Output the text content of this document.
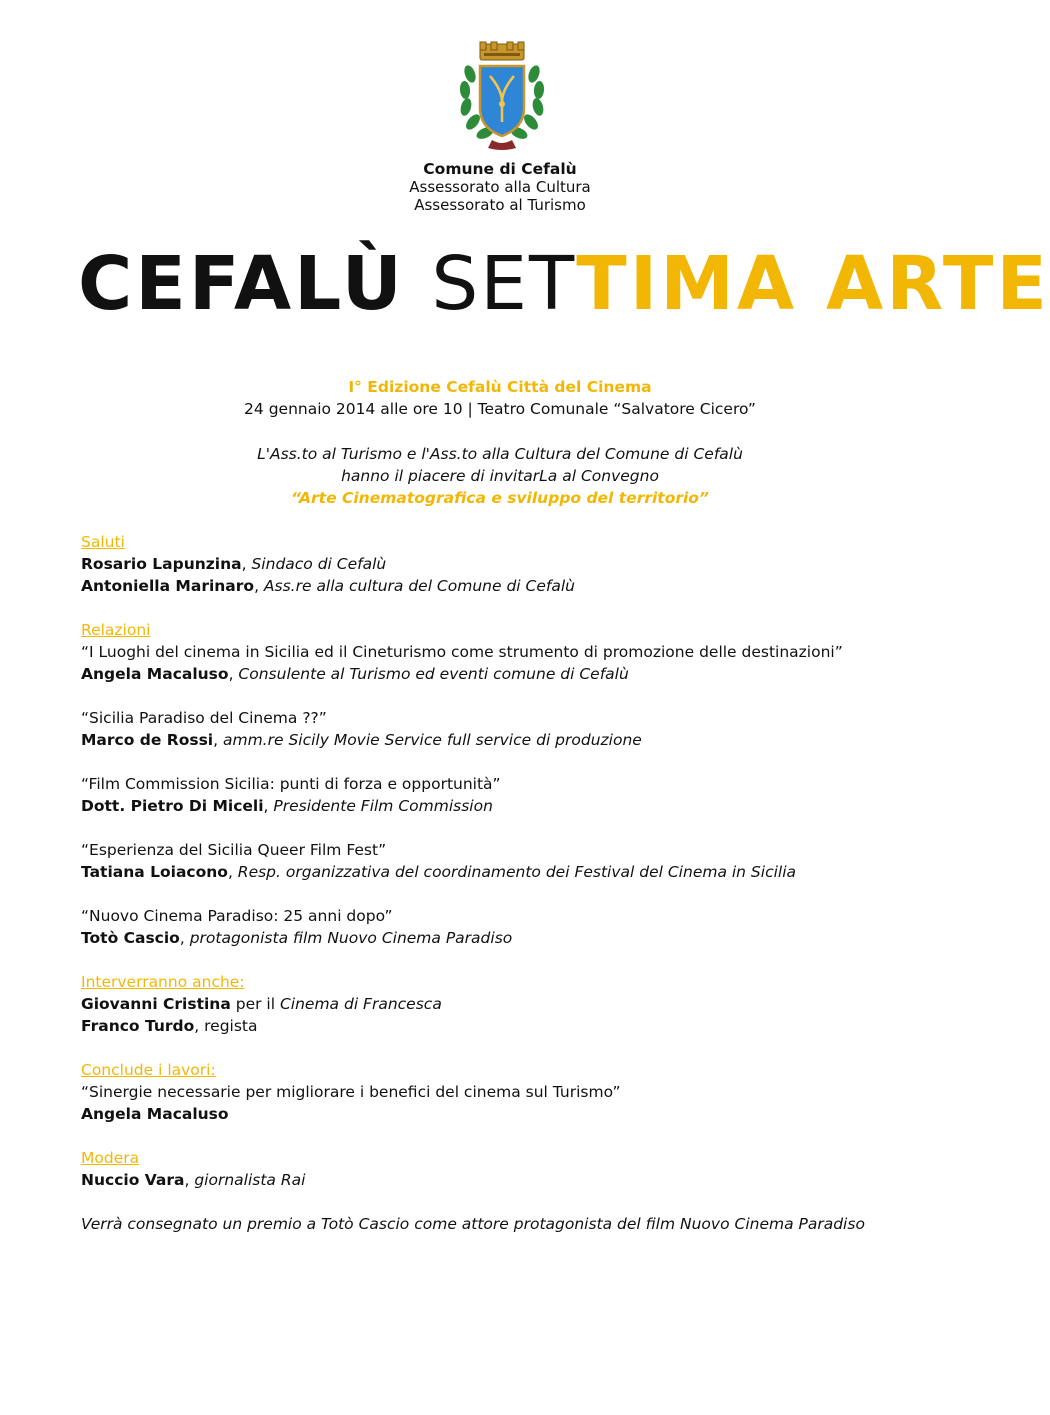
Comune di Cefalù
Assessorato alla Cultura
Assessorato al Turismo
CEFALÙ SETTIMA ARTE
I° Edizione Cefalù Città del Cinema
24 gennaio 2014 alle ore 10 | Teatro Comunale “Salvatore Cicero”
L'Ass.to al Turismo e l'Ass.to alla Cultura del Comune di Cefalù
hanno il piacere di invitarLa al Convegno
“Arte Cinematografica e sviluppo del territorio”

Saluti

Rosario Lapunzina, Sindaco di Cefalù

Antoniella Marinaro, Ass.re alla cultura del Comune di Cefalù

Relazioni

“I Luoghi del cinema in Sicilia ed il Cineturismo come strumento di promozione delle destinazioni”

Angela Macaluso, Consulente al Turismo ed eventi comune di Cefalù

“Sicilia Paradiso del Cinema ??”

Marco de Rossi, amm.re Sicily Movie Service full service di produzione

“Film Commission Sicilia: punti di forza e opportunità”

Dott. Pietro Di Miceli, Presidente Film Commission

“Esperienza del Sicilia Queer Film Fest”

Tatiana Loiacono, Resp. organizzativa del coordinamento dei Festival del Cinema in Sicilia

“Nuovo Cinema Paradiso: 25 anni dopo”

Totò Cascio, protagonista film Nuovo Cinema Paradiso

Interverranno anche:

Giovanni Cristina per il Cinema di Francesca

Franco Turdo, regista

Conclude i lavori:

“Sinergie necessarie per migliorare i benefici del cinema sul Turismo”

Angela Macaluso

Modera

Nuccio Vara, giornalista Rai

Verrà consegnato un premio a Totò Cascio come attore protagonista del film Nuovo Cinema Paradiso
